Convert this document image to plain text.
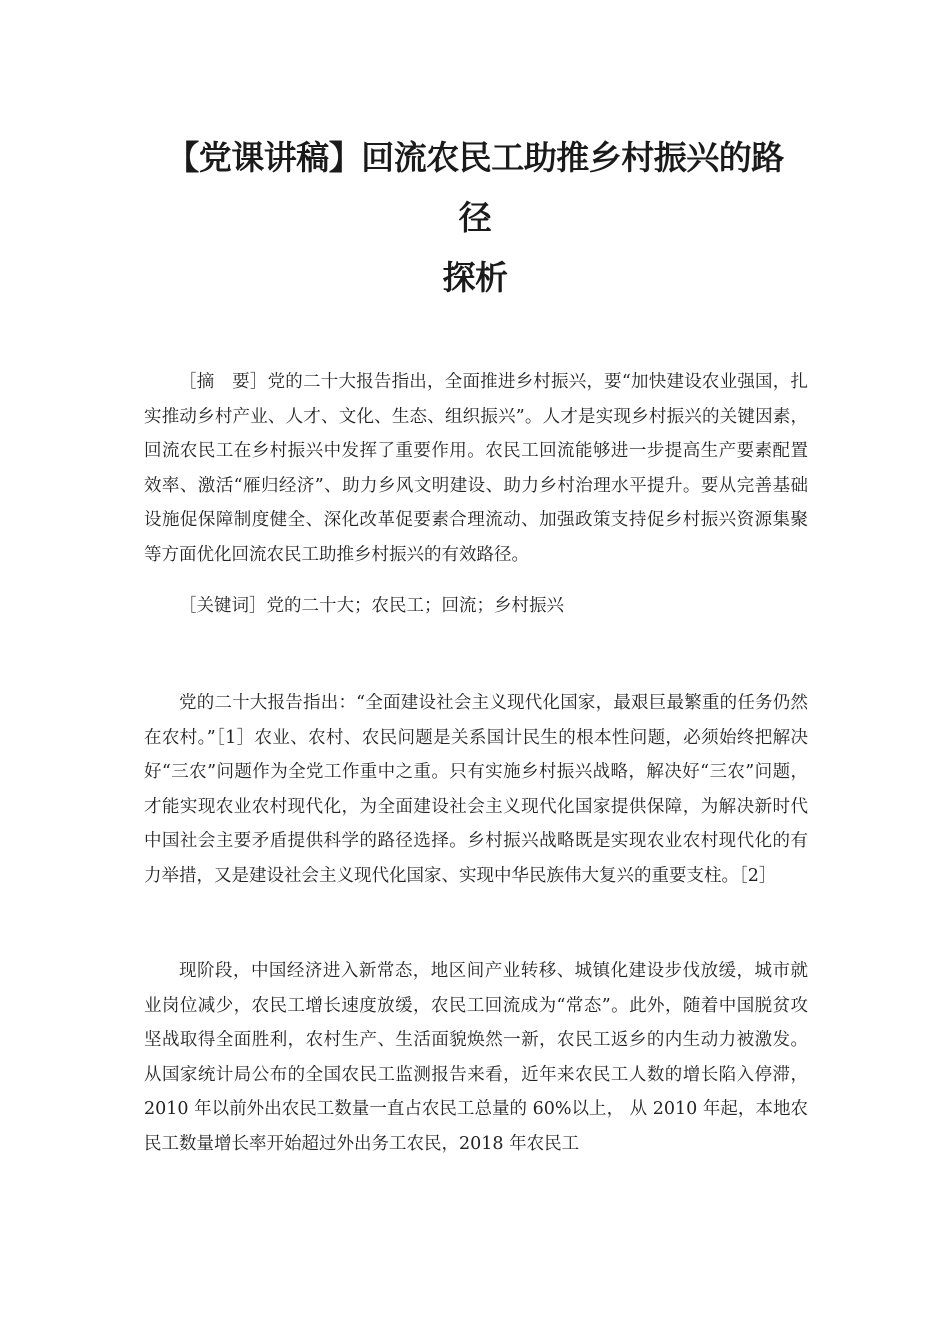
【党课讲稿】回流农民工助推乡村振兴的路
径
探析

［摘　要］党的二十大报告指出，全面推进乡村振兴，要“加快建设农业强国，扎实推动乡村产业、人才、文化、生态、组织振兴”。人才是实现乡村振兴的关键因素，回流农民工在乡村振兴中发挥了重要作用。农民工回流能够进一步提高生产要素配置效率、激活“雁归经济”、助力乡风文明建设、助力乡村治理水平提升。要从完善基础设施促保障制度健全、深化改革促要素合理流动、加强政策支持促乡村振兴资源集聚等方面优化回流农民工助推乡村振兴的有效路径。

［关键词］党的二十大；农民工；回流；乡村振兴

党的二十大报告指出：“全面建设社会主义现代化国家，最艰巨最繁重的任务仍然在农村。”［1］农业、农村、农民问题是关系国计民生的根本性问题，必须始终把解决好“三农”问题作为全党工作重中之重。只有实施乡村振兴战略，解决好“三农”问题，才能实现农业农村现代化，为全面建设社会主义现代化国家提供保障，为解决新时代中国社会主要矛盾提供科学的路径选择。乡村振兴战略既是实现农业农村现代化的有力举措，又是建设社会主义现代化国家、实现中华民族伟大复兴的重要支柱。［2］

现阶段，中国经济进入新常态，地区间产业转移、城镇化建设步伐放缓，城市就业岗位减少，农民工增长速度放缓，农民工回流成为“常态”。此外，随着中国脱贫攻坚战取得全面胜利，农村生产、生活面貌焕然一新，农民工返乡的内生动力被激发。从国家统计局公布的全国农民工监测报告来看，近年来农民工人数的增长陷入停滞，2010 年以前外出农民工数量一直占农民工总量的 60%以上， 从 2010 年起，本地农民工数量增长率开始超过外出务工农民，2018 年农民工
